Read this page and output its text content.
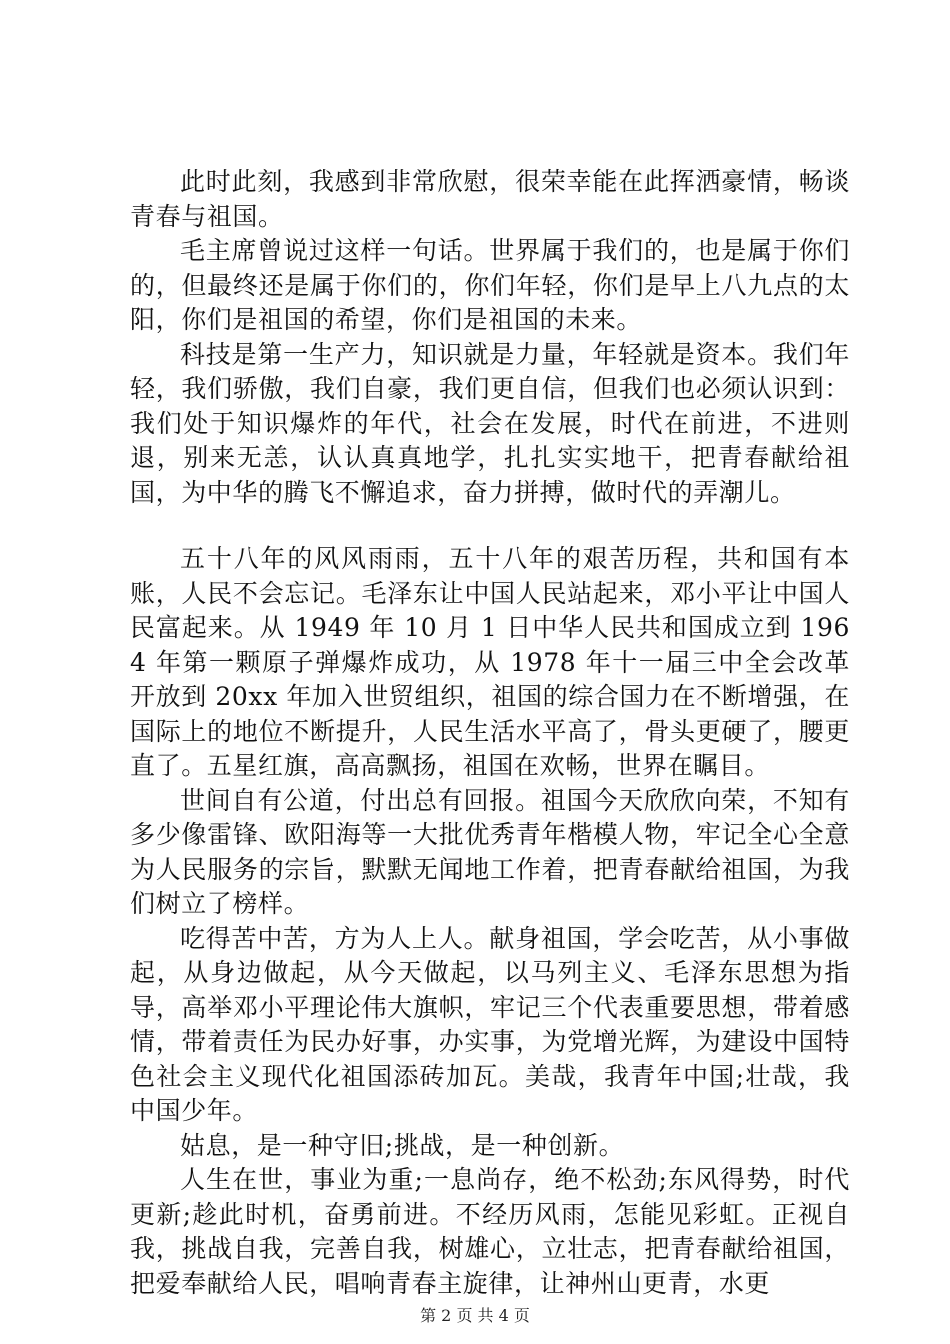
此时此刻，我感到非常欣慰，很荣幸能在此挥洒豪情，畅谈青春与祖国。

毛主席曾说过这样一句话。世界属于我们的，也是属于你们的，但最终还是属于你们的，你们年轻，你们是早上八九点的太阳，你们是祖国的希望，你们是祖国的未来。

科技是第一生产力，知识就是力量，年轻就是资本。我们年轻，我们骄傲，我们自豪，我们更自信，但我们也必须认识到：我们处于知识爆炸的年代，社会在发展，时代在前进，不进则退，别来无恙，认认真真地学，扎扎实实地干，把青春献给祖国，为中华的腾飞不懈追求，奋力拼搏，做时代的弄潮儿。

五十八年的风风雨雨，五十八年的艰苦历程，共和国有本账，人民不会忘记。毛泽东让中国人民站起来，邓小平让中国人民富起来。从 1949 年 10 月 1 日中华人民共和国成立到 1964 年第一颗原子弹爆炸成功，从 1978 年十一届三中全会改革开放到 20xx 年加入世贸组织，祖国的综合国力在不断增强，在国际上的地位不断提升，人民生活水平高了，骨头更硬了，腰更直了。五星红旗，高高飘扬，祖国在欢畅，世界在瞩目。

世间自有公道，付出总有回报。祖国今天欣欣向荣，不知有多少像雷锋、欧阳海等一大批优秀青年楷模人物，牢记全心全意为人民服务的宗旨，默默无闻地工作着，把青春献给祖国，为我们树立了榜样。

吃得苦中苦，方为人上人。献身祖国，学会吃苦，从小事做起，从身边做起，从今天做起，以马列主义、毛泽东思想为指导，高举邓小平理论伟大旗帜，牢记三个代表重要思想，带着感情，带着责任为民办好事，办实事，为党增光辉，为建设中国特色社会主义现代化祖国添砖加瓦。美哉，我青年中国;壮哉，我中国少年。

姑息，是一种守旧;挑战，是一种创新。

人生在世，事业为重;一息尚存，绝不松劲;东风得势，时代更新;趁此时机，奋勇前进。不经历风雨，怎能见彩虹。正视自我，挑战自我，完善自我，树雄心，立壮志，把青春献给祖国，把爱奉献给人民，唱响青春主旋律，让神州山更青，水更

第 2 页 共 4 页
